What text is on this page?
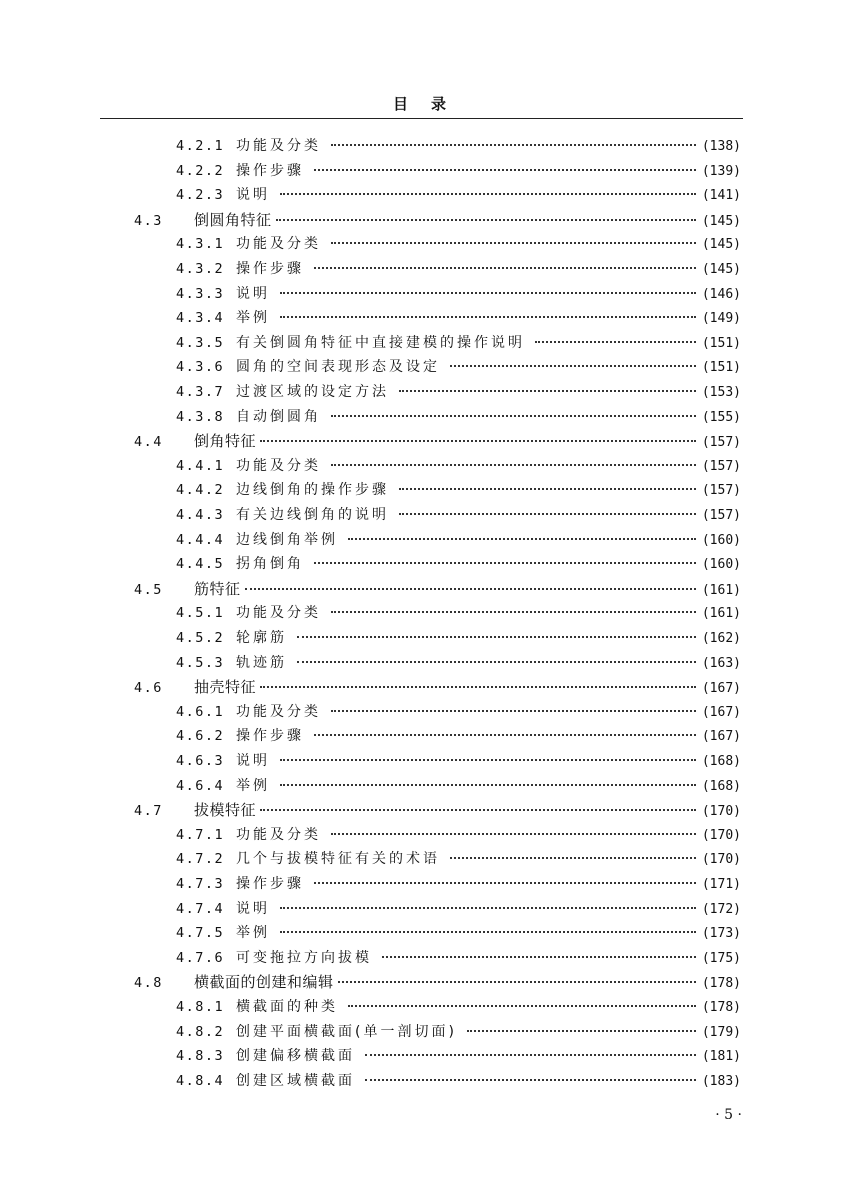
目　录
4.2.1 功能及分类	(138)
4.2.2 操作步骤	(139)
4.2.3 说明	(141)
4.3	倒圆角特征	(145)
4.3.1 功能及分类	(145)
4.3.2 操作步骤	(145)
4.3.3 说明	(146)
4.3.4 举例	(149)
4.3.5 有关倒圆角特征中直接建模的操作说明	(151)
4.3.6 圆角的空间表现形态及设定	(151)
4.3.7 过渡区域的设定方法	(153)
4.3.8 自动倒圆角	(155)
4.4	倒角特征	(157)
4.4.1 功能及分类	(157)
4.4.2 边线倒角的操作步骤	(157)
4.4.3 有关边线倒角的说明	(157)
4.4.4 边线倒角举例	(160)
4.4.5 拐角倒角	(160)
4.5	筋特征	(161)
4.5.1 功能及分类	(161)
4.5.2 轮廓筋	(162)
4.5.3 轨迹筋	(163)
4.6	抽壳特征	(167)
4.6.1 功能及分类	(167)
4.6.2 操作步骤	(167)
4.6.3 说明	(168)
4.6.4 举例	(168)
4.7	拔模特征	(170)
4.7.1 功能及分类	(170)
4.7.2 几个与拔模特征有关的术语	(170)
4.7.3 操作步骤	(171)
4.7.4 说明	(172)
4.7.5 举例	(173)
4.7.6 可变拖拉方向拔模	(175)
4.8	横截面的创建和编辑	(178)
4.8.1 横截面的种类	(178)
4.8.2 创建平面横截面(单一剖切面)	(179)
4.8.3 创建偏移横截面	(181)
4.8.4 创建区域横截面	(183)
· 5 ·
